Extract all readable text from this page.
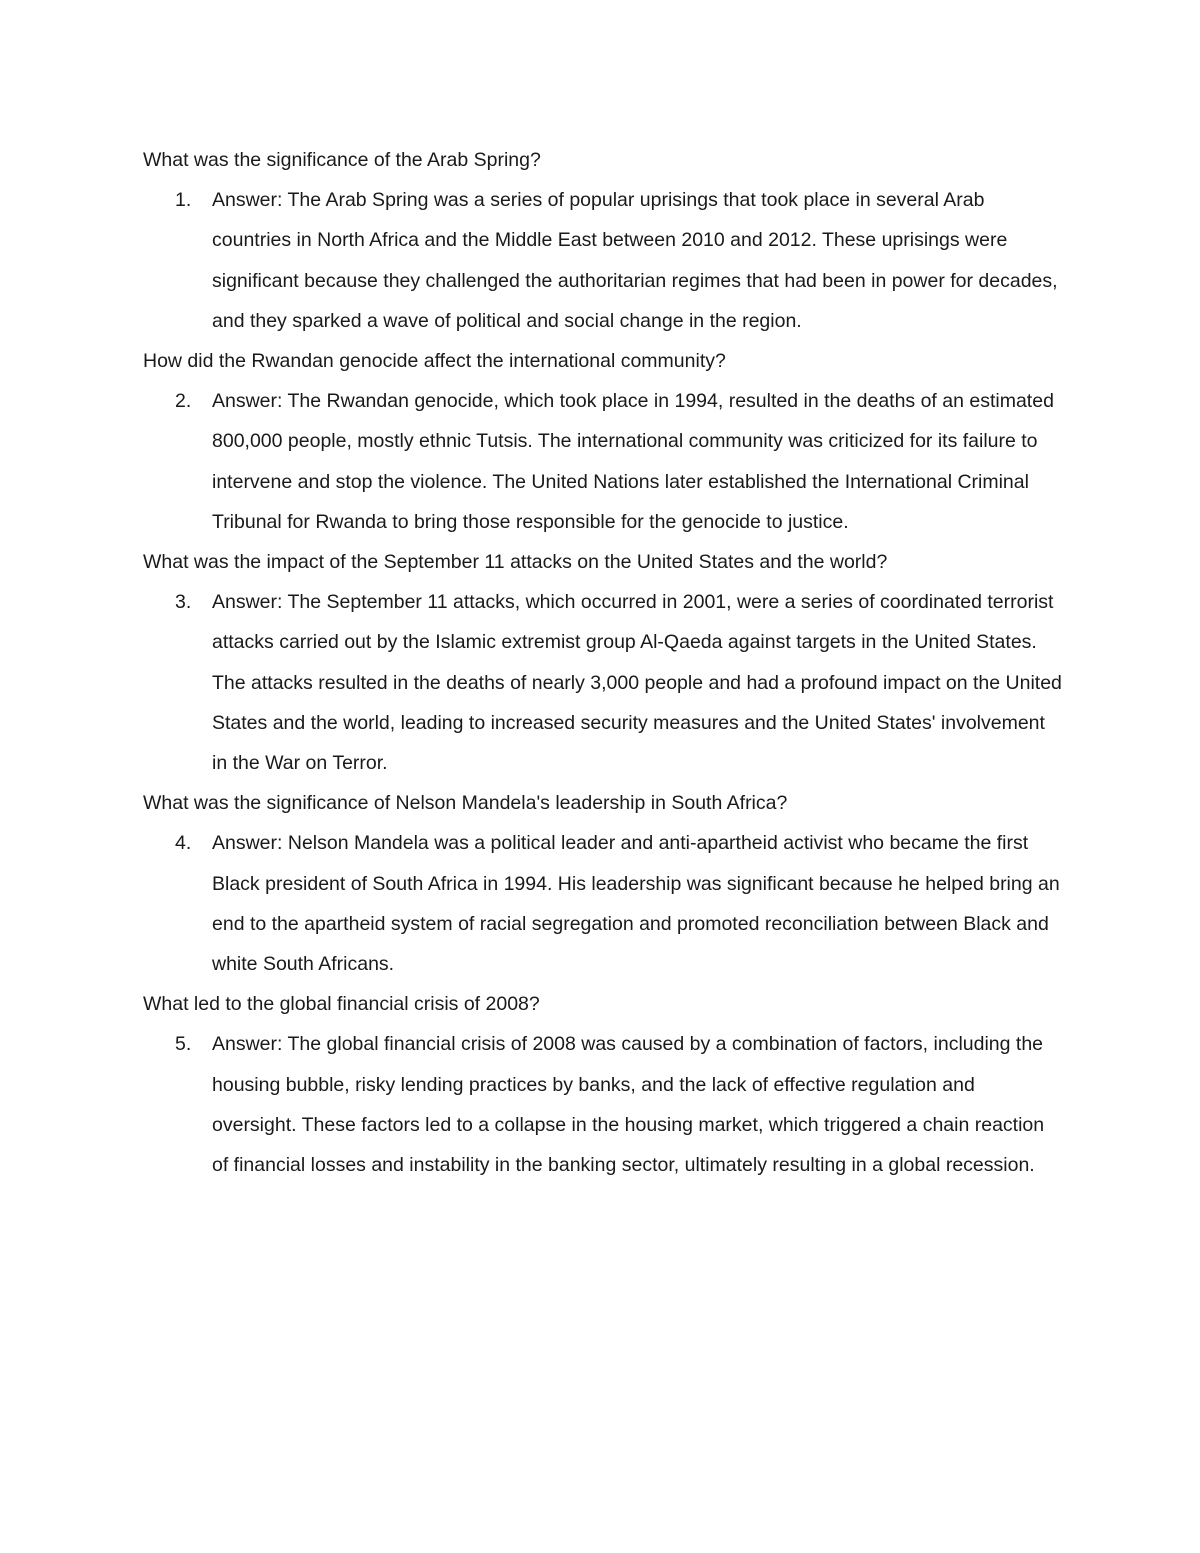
What was the significance of the Arab Spring?

1. Answer: The Arab Spring was a series of popular uprisings that took place in several Arab countries in North Africa and the Middle East between 2010 and 2012. These uprisings were significant because they challenged the authoritarian regimes that had been in power for decades, and they sparked a wave of political and social change in the region.

How did the Rwandan genocide affect the international community?

2. Answer: The Rwandan genocide, which took place in 1994, resulted in the deaths of an estimated 800,000 people, mostly ethnic Tutsis. The international community was criticized for its failure to intervene and stop the violence. The United Nations later established the International Criminal Tribunal for Rwanda to bring those responsible for the genocide to justice.

What was the impact of the September 11 attacks on the United States and the world?

3. Answer: The September 11 attacks, which occurred in 2001, were a series of coordinated terrorist attacks carried out by the Islamic extremist group Al-Qaeda against targets in the United States. The attacks resulted in the deaths of nearly 3,000 people and had a profound impact on the United States and the world, leading to increased security measures and the United States' involvement in the War on Terror.

What was the significance of Nelson Mandela's leadership in South Africa?

4. Answer: Nelson Mandela was a political leader and anti-apartheid activist who became the first Black president of South Africa in 1994. His leadership was significant because he helped bring an end to the apartheid system of racial segregation and promoted reconciliation between Black and white South Africans.

What led to the global financial crisis of 2008?

5. Answer: The global financial crisis of 2008 was caused by a combination of factors, including the housing bubble, risky lending practices by banks, and the lack of effective regulation and oversight. These factors led to a collapse in the housing market, which triggered a chain reaction of financial losses and instability in the banking sector, ultimately resulting in a global recession.
